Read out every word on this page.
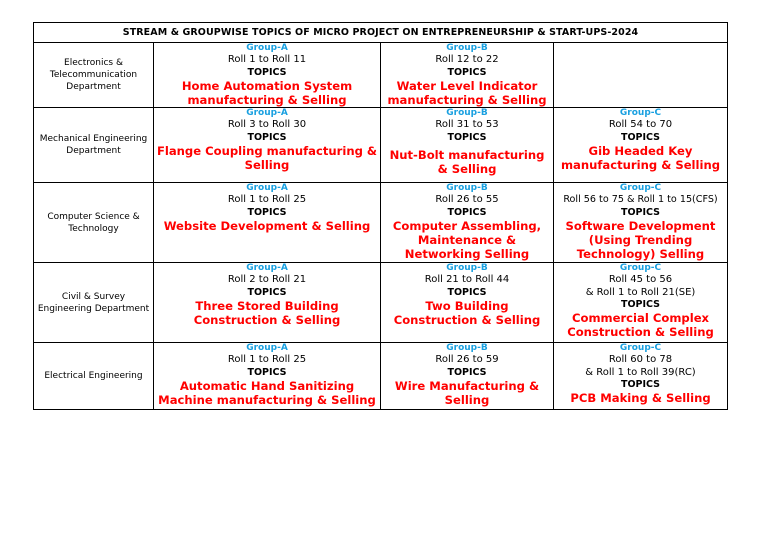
STREAM & GROUPWISE TOPICS OF MICRO PROJECT ON ENTREPRENEURSHIP & START-UPS-2024			
Electronics & Telecommunication Department	Group-A
Roll 1 to Roll 11
TOPICS
Home Automation System manufacturing & Selling	Group-B
Roll 12 to 22
TOPICS
Water Level Indicator manufacturing & Selling	

Mechanical Engineering Department	Group-A
Roll 3 to Roll 30
TOPICS
Flange Coupling manufacturing & Selling	Group-B
Roll 31 to 53
TOPICS
Nut-Bolt manufacturing & Selling	Group-C
Roll 54 to 70
TOPICS
Gib Headed Key manufacturing & Selling

Computer Science & Technology	Group-A
Roll 1 to Roll 25
TOPICS
Website Development & Selling	Group-B
Roll 26 to 55
TOPICS
Computer Assembling, Maintenance & Networking Selling	Group-C
Roll 56 to 75 & Roll 1 to 15(CFS)
TOPICS
Software Development (Using Trending Technology) Selling

Civil & Survey Engineering Department	Group-A
Roll 2 to Roll 21
TOPICS
Three Stored Building Construction & Selling	Group-B
Roll 21 to Roll 44
TOPICS
Two Building Construction & Selling	Group-C
Roll 45 to 56
& Roll 1 to Roll 21(SE)
TOPICS
Commercial Complex Construction & Selling

Electrical Engineering	Group-A
Roll 1 to Roll 25
TOPICS
Automatic Hand Sanitizing Machine manufacturing & Selling	Group-B
Roll 26 to 59
TOPICS
Wire Manufacturing & Selling	Group-C
Roll 60 to 78
& Roll 1 to Roll 39(RC)
TOPICS
PCB Making & Selling
